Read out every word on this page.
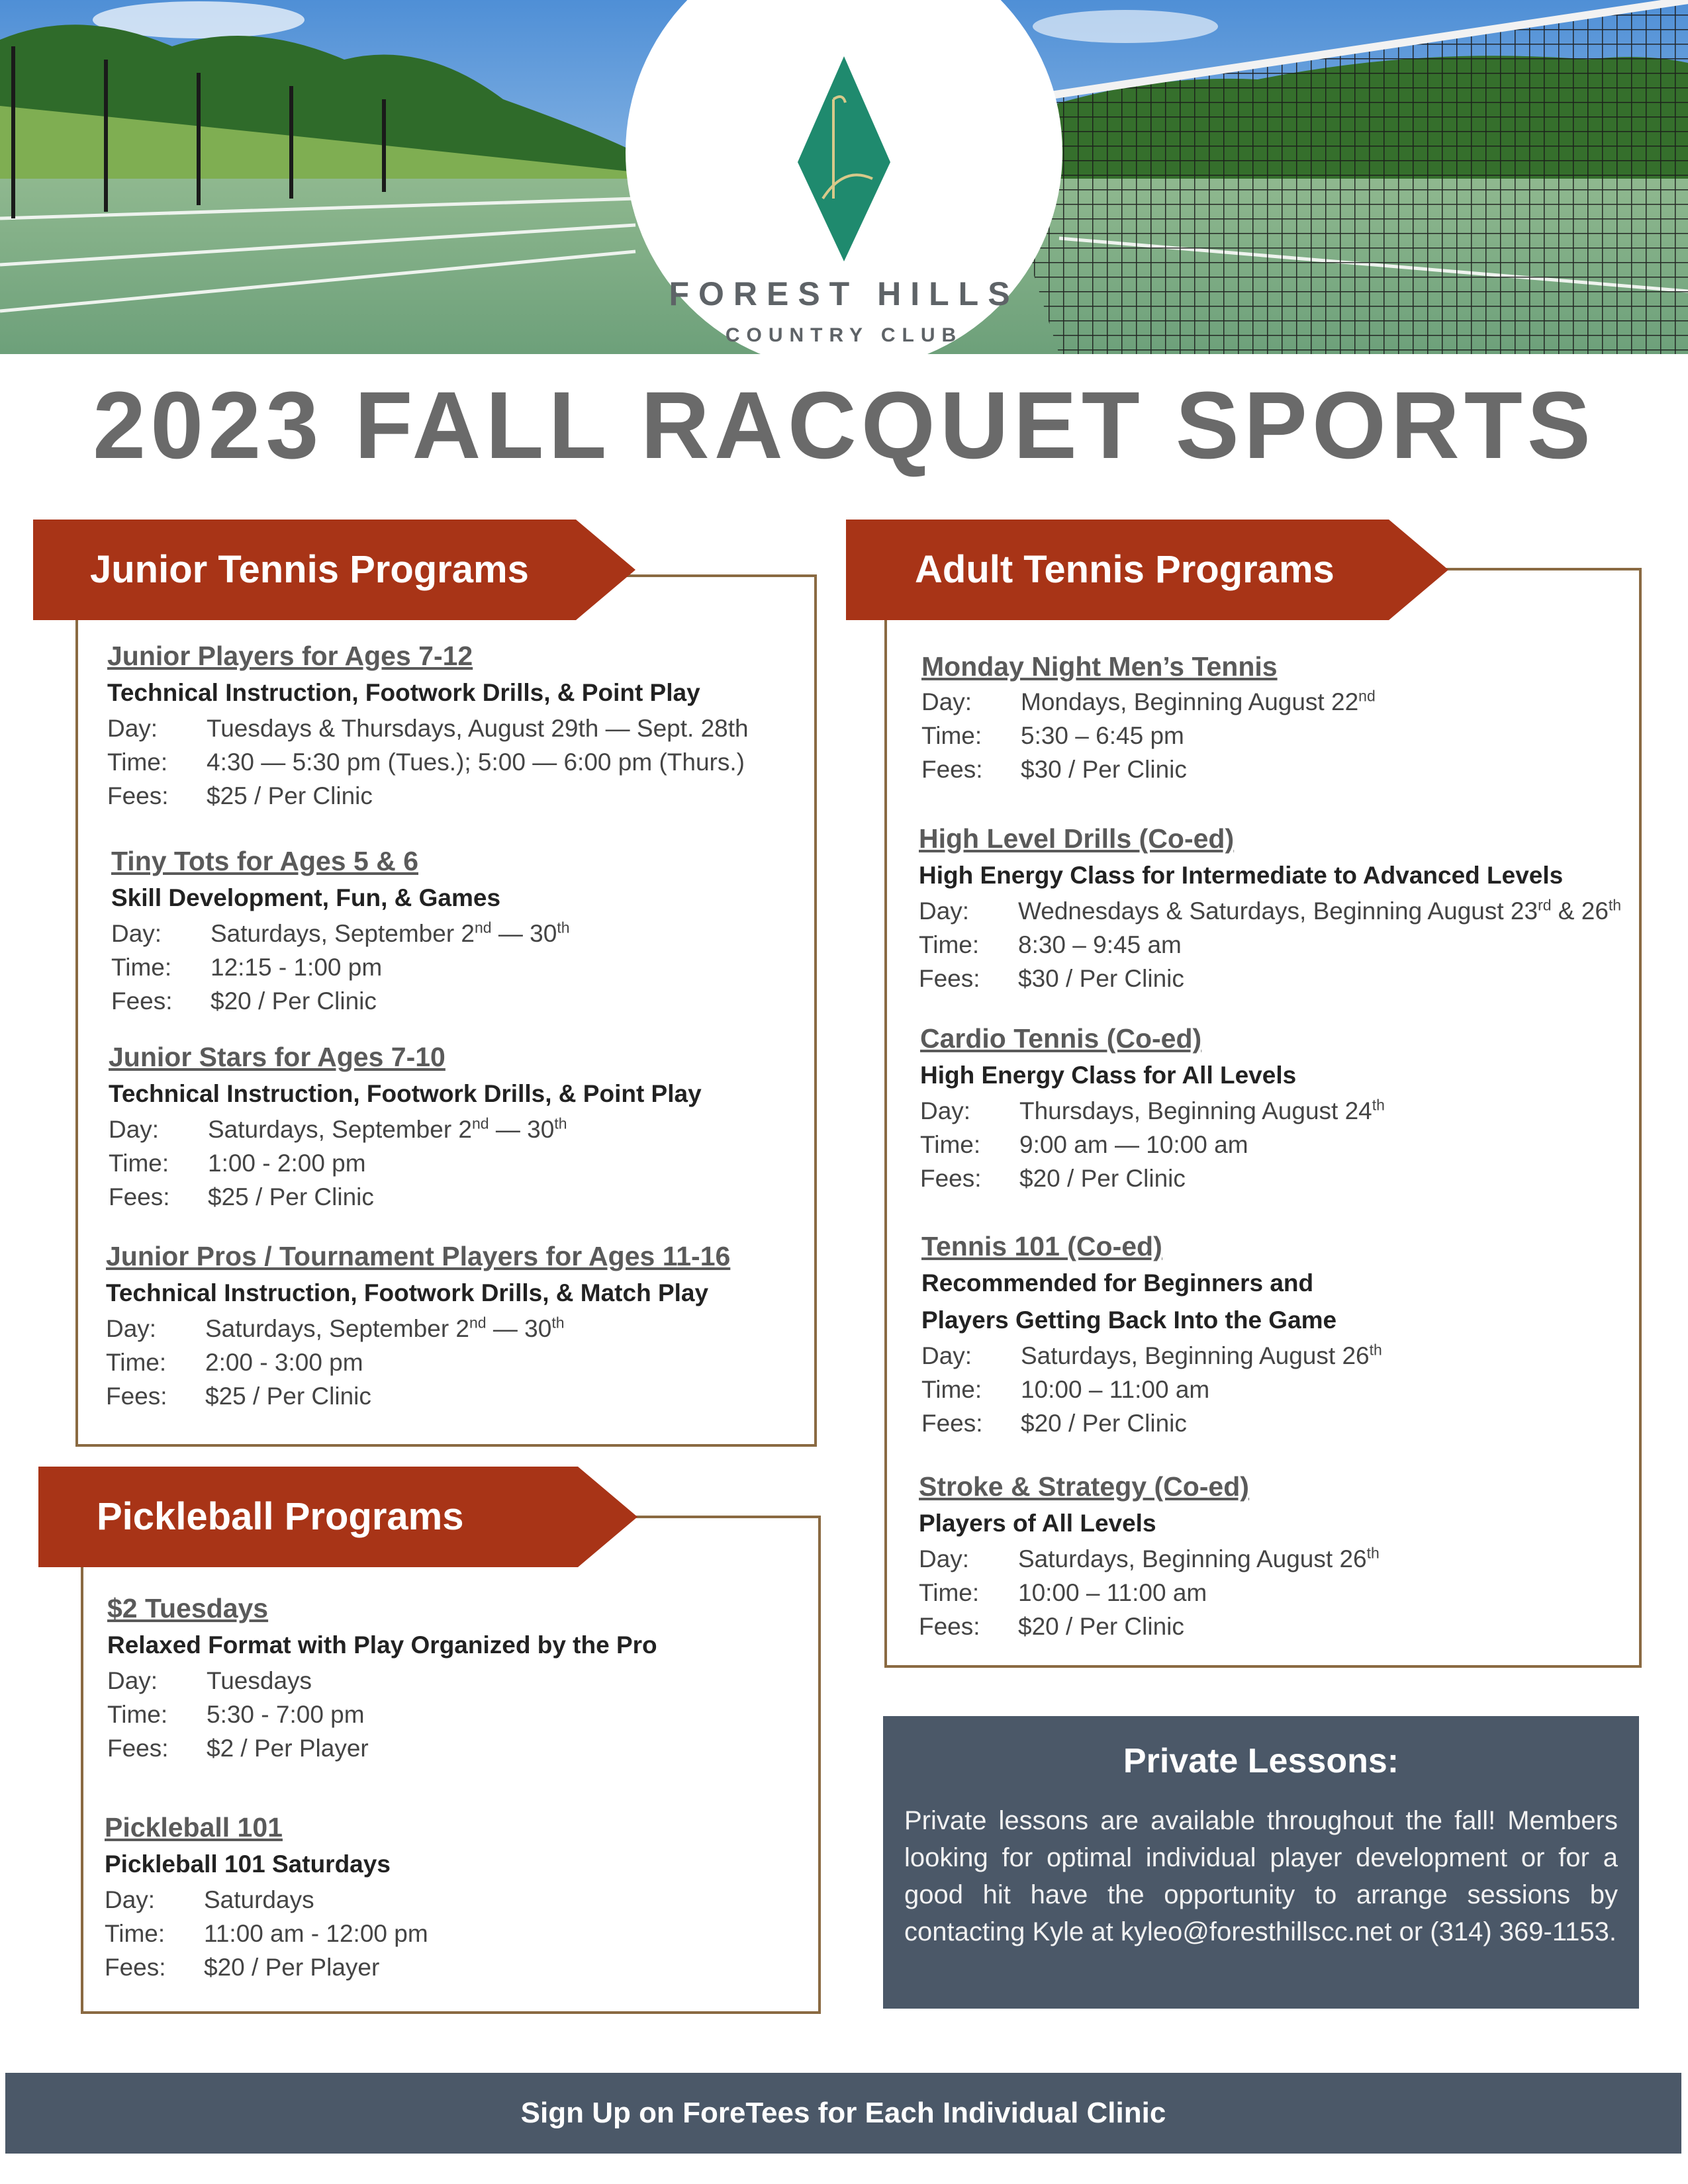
FOREST HILLS
COUNTRY CLUB
2023 FALL RACQUET SPORTS
Junior Tennis Programs
Junior Players for Ages 7-12
Technical Instruction, Footwork Drills, & Point Play
Day: Tuesdays & Thursdays, August 29th — Sept. 28th
Time: 4:30 — 5:30 pm (Tues.); 5:00 — 6:00 pm (Thurs.)
Fees: $25 / Per Clinic
Tiny Tots for Ages 5 & 6
Skill Development, Fun, & Games
Day: Saturdays, September 2nd — 30th
Time: 12:15 - 1:00 pm
Fees: $20 / Per Clinic
Junior Stars for Ages 7-10
Technical Instruction, Footwork Drills, & Point Play
Day: Saturdays, September 2nd — 30th
Time: 1:00 - 2:00 pm
Fees: $25 / Per Clinic
Junior Pros / Tournament Players for Ages 11-16
Technical Instruction, Footwork Drills, & Match Play
Day: Saturdays, September 2nd — 30th
Time: 2:00 - 3:00 pm
Fees: $25 / Per Clinic
Pickleball Programs
$2 Tuesdays
Relaxed Format with Play Organized by the Pro
Day: Tuesdays
Time: 5:30 - 7:00 pm
Fees: $2 / Per Player
Pickleball 101
Pickleball 101 Saturdays
Day: Saturdays
Time: 11:00 am - 12:00 pm
Fees: $20 / Per Player
Adult Tennis Programs
Monday Night Men’s Tennis
Day: Mondays, Beginning August 22nd
Time: 5:30 – 6:45 pm
Fees: $30 / Per Clinic
High Level Drills (Co-ed)
High Energy Class for Intermediate to Advanced Levels
Day: Wednesdays & Saturdays, Beginning August 23rd & 26th
Time: 8:30 – 9:45 am
Fees: $30 / Per Clinic
Cardio Tennis (Co-ed)
High Energy Class for All Levels
Day: Thursdays, Beginning August 24th
Time: 9:00 am — 10:00 am
Fees: $20 / Per Clinic
Tennis 101 (Co-ed)
Recommended for Beginners and
Players Getting Back Into the Game
Day: Saturdays, Beginning August 26th
Time: 10:00 – 11:00 am
Fees: $20 / Per Clinic
Stroke & Strategy (Co-ed)
Players of All Levels
Day: Saturdays, Beginning August 26th
Time: 10:00 – 11:00 am
Fees: $20 / Per Clinic
Private Lessons:
Private lessons are available throughout the fall! Members looking for optimal individual player development or for a good hit have the opportunity to arrange sessions by contacting Kyle at kyleo@foresthillscc.net or (314) 369-1153.
Sign Up on ForeTees for Each Individual Clinic
